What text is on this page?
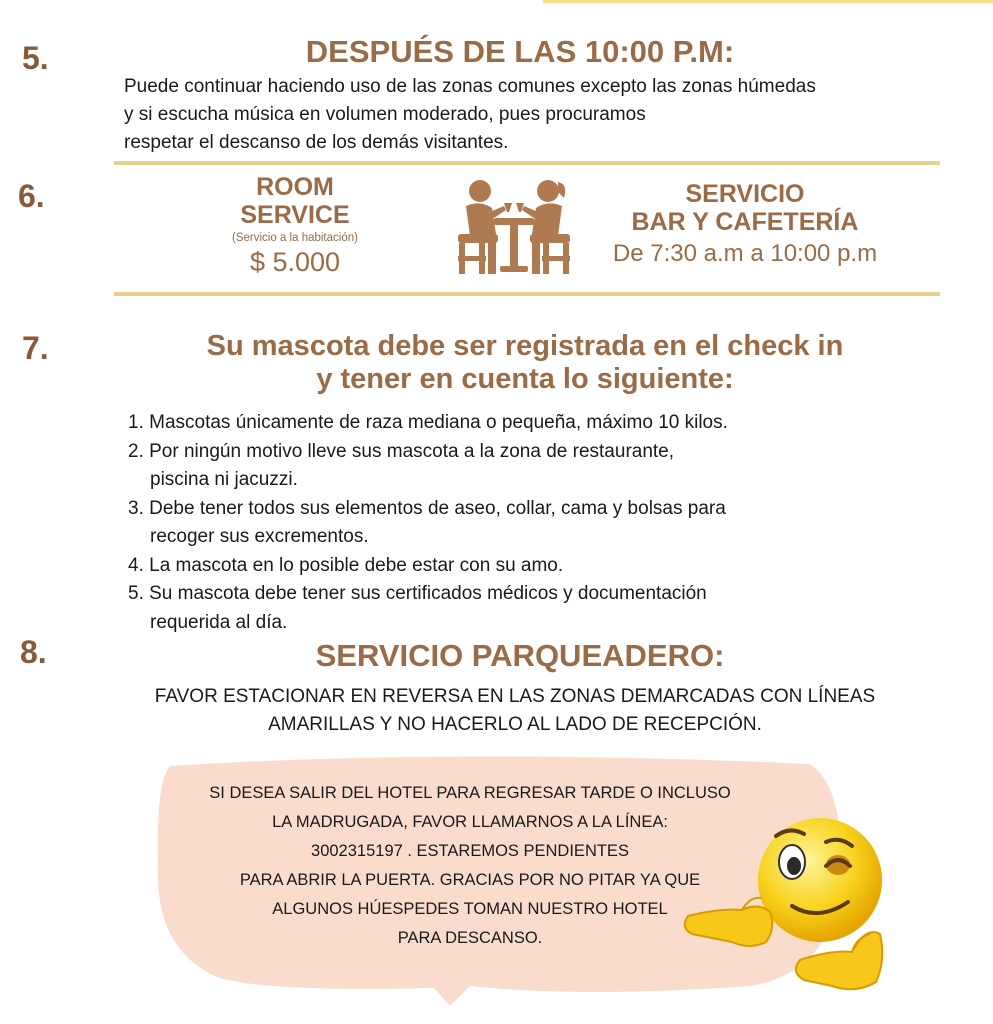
5.	DESPUÉS DE LAS 10:00 P.M:
Puede continuar haciendo uso de las zonas comunes excepto las zonas húmedas
y si escucha música en volumen moderado, pues procuramos
respetar el descanso de los demás visitantes.
6.	ROOM
SERVICE
(Servicio a la habitación)
$ 5.000
SERVICIO
BAR Y CAFETERÍA
De 7:30 a.m a 10:00 p.m
7.	Su mascota debe ser registrada en el check in
y tener en cuenta lo siguiente:
1. Mascotas únicamente de raza mediana o pequeña, máximo 10 kilos.
2. Por ningún motivo lleve sus mascota a la zona de restaurante,
piscina ni jacuzzi.
3. Debe tener todos sus elementos de aseo, collar, cama y bolsas para
recoger sus excrementos.
4. La mascota en lo posible debe estar con su amo.
5. Su mascota debe tener sus certificados médicos y documentación
requerida al día.
8.	SERVICIO PARQUEADERO:
FAVOR ESTACIONAR EN REVERSA EN LAS ZONAS DEMARCADAS CON LÍNEAS
AMARILLAS Y NO HACERLO AL LADO DE RECEPCIÓN.
SI DESEA SALIR DEL HOTEL PARA REGRESAR TARDE O INCLUSO
LA MADRUGADA, FAVOR LLAMARNOS A LA LÍNEA:
3002315197 . ESTAREMOS PENDIENTES
PARA ABRIR LA PUERTA. GRACIAS POR NO PITAR YA QUE
ALGUNOS HÚESPEDES TOMAN NUESTRO HOTEL
PARA DESCANSO.
